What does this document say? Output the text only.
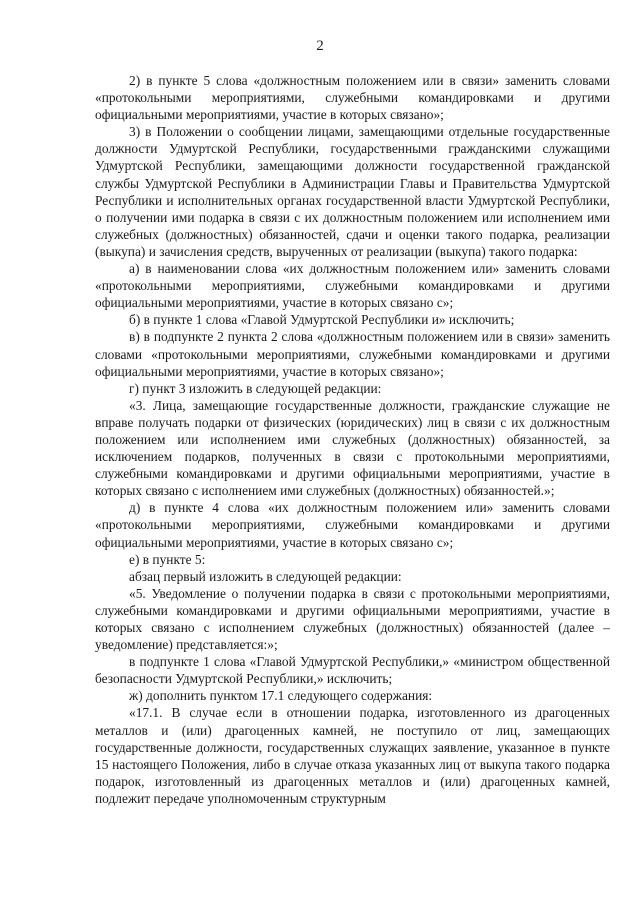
2

2) в пункте 5 слова «должностным положением или в связи» заменить словами «протокольными мероприятиями, служебными командировками и другими официальными мероприятиями, участие в которых связано»;

3) в Положении о сообщении лицами, замещающими отдельные государственные должности Удмуртской Республики, государственными гражданскими служащими Удмуртской Республики, замещающими должности государственной гражданской службы Удмуртской Республики в Администрации Главы и Правительства Удмуртской Республики и исполнительных органах государственной власти Удмуртской Республики, о получении ими подарка в связи с их должностным положением или исполнением ими служебных (должностных) обязанностей, сдачи и оценки такого подарка, реализации (выкупа) и зачисления средств, вырученных от реализации (выкупа) такого подарка:

а) в наименовании слова «их должностным положением или» заменить словами «протокольными мероприятиями, служебными командировками и другими официальными мероприятиями, участие в которых связано с»;

б) в пункте 1 слова «Главой Удмуртской Республики и» исключить;

в) в подпункте 2 пункта 2 слова «должностным положением или в связи» заменить словами «протокольными мероприятиями, служебными командировками и другими официальными мероприятиями, участие в которых связано»;

г) пункт 3 изложить в следующей редакции:

«3. Лица, замещающие государственные должности, гражданские служащие не вправе получать подарки от физических (юридических) лиц в связи с их должностным положением или исполнением ими служебных (должностных) обязанностей, за исключением подарков, полученных в связи с протокольными мероприятиями, служебными командировками и другими официальными мероприятиями, участие в которых связано с исполнением ими служебных (должностных) обязанностей.»;

д) в пункте 4 слова «их должностным положением или» заменить словами «протокольными мероприятиями, служебными командировками и другими официальными мероприятиями, участие в которых связано с»;

е) в пункте 5:

абзац первый изложить в следующей редакции:

«5. Уведомление о получении подарка в связи с протокольными мероприятиями, служебными командировками и другими официальными мероприятиями, участие в которых связано с исполнением служебных (должностных) обязанностей (далее – уведомление) представляется:»;

в подпункте 1 слова «Главой Удмуртской Республики,» «министром общественной безопасности Удмуртской Республики,» исключить;

ж) дополнить пунктом 17.1 следующего содержания:

«17.1. В случае если в отношении подарка, изготовленного из драгоценных металлов и (или) драгоценных камней, не поступило от лиц, замещающих государственные должности, государственных служащих заявление, указанное в пункте 15 настоящего Положения, либо в случае отказа указанных лиц от выкупа такого подарка подарок, изготовленный из драгоценных металлов и (или) драгоценных камней, подлежит передаче уполномоченным структурным
